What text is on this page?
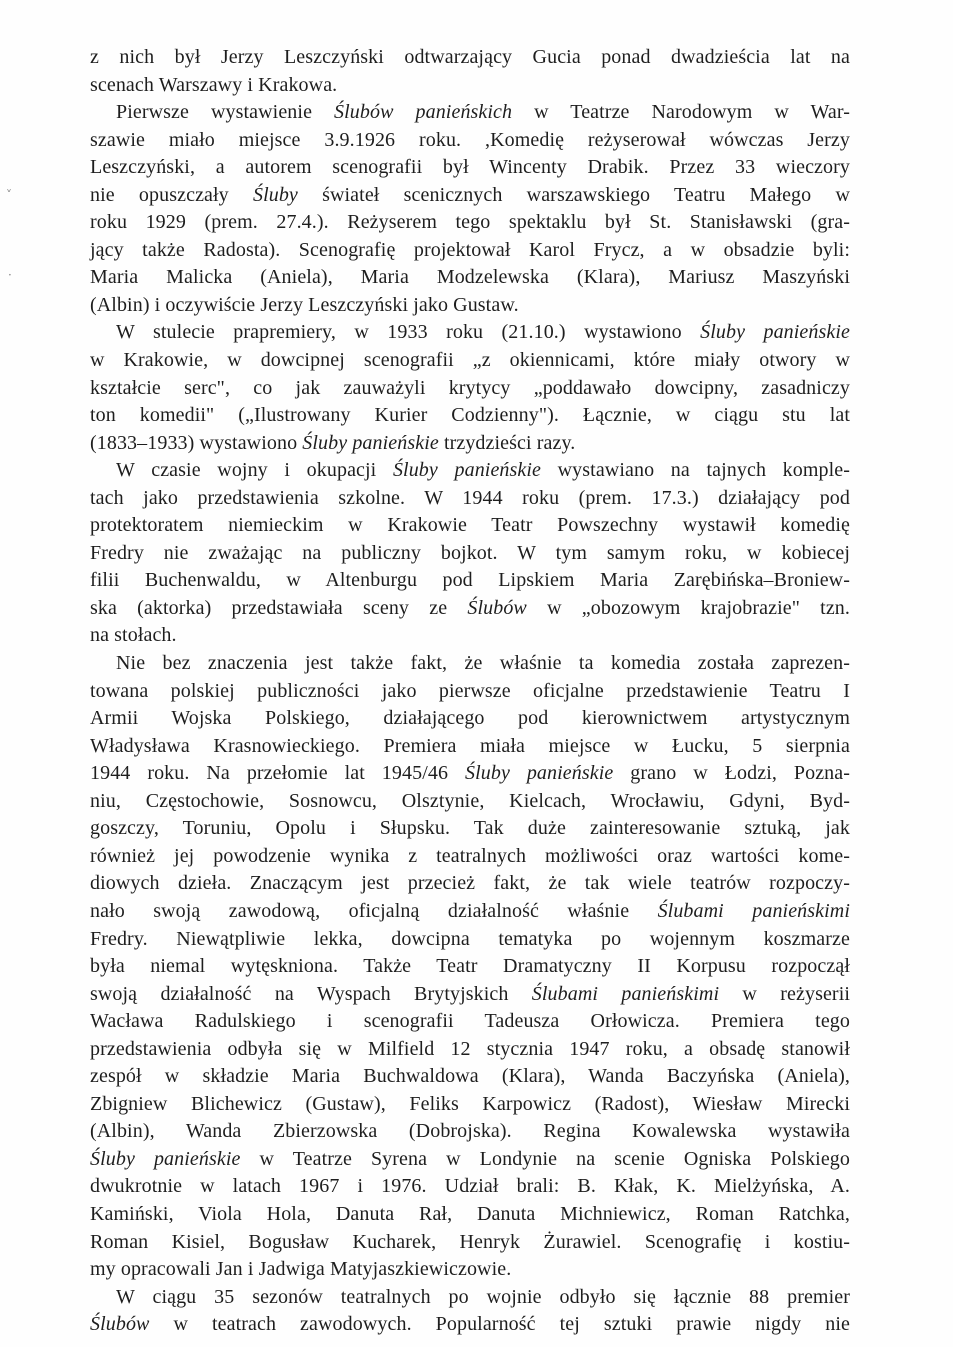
˅
·
z nich był Jerzy Leszczyński odtwarzający Gucia ponad dwadzieścia lat na
scenach Warszawy i Krakowa.
Pierwsze wystawienie Ślubów panieńskich w Teatrze Narodowym w War-
szawie miało miejsce 3.9.1926 roku. ,Komedię reżyserował wówczas Jerzy
Leszczyński, a autorem scenografii był Wincenty Drabik. Przez 33 wieczory
nie opuszczały Śluby świateł scenicznych warszawskiego Teatru Małego w
roku 1929 (prem. 27.4.). Reżyserem tego spektaklu był St. Stanisławski (gra-
jący także Radosta). Scenografię projektował Karol Frycz, a w obsadzie byli:
Maria Malicka (Aniela), Maria Modzelewska (Klara), Mariusz Maszyński
(Albin) i oczywiście Jerzy Leszczyński jako Gustaw.
W stulecie prapremiery, w 1933 roku (21.10.) wystawiono Śluby panieńskie
w Krakowie, w dowcipnej scenografii „z okiennicami, które miały otwory w
kształcie serc", co jak zauważyli krytycy „poddawało dowcipny, zasadniczy
ton komedii" („Ilustrowany Kurier Codzienny"). Łącznie, w ciągu stu lat
(1833–1933) wystawiono Śluby panieńskie trzydzieści razy.
W czasie wojny i okupacji Śluby panieńskie wystawiano na tajnych komple-
tach jako przedstawienia szkolne. W 1944 roku (prem. 17.3.) działający pod
protektoratem niemieckim w Krakowie Teatr Powszechny wystawił komedię
Fredry nie zważając na publiczny bojkot. W tym samym roku, w kobiecej
filii Buchenwaldu, w Altenburgu pod Lipskiem Maria Zarębińska–Broniew-
ska (aktorka) przedstawiała sceny ze Ślubów w „obozowym krajobrazie" tzn.
na stołach.
Nie bez znaczenia jest także fakt, że właśnie ta komedia została zaprezen-
towana polskiej publiczności jako pierwsze oficjalne przedstawienie Teatru I
Armii Wojska Polskiego, działającego pod kierownictwem artystycznym
Władysława Krasnowieckiego. Premiera miała miejsce w Łucku, 5 sierpnia
1944 roku. Na przełomie lat 1945/46 Śluby panieńskie grano w Łodzi, Pozna-
niu, Częstochowie, Sosnowcu, Olsztynie, Kielcach, Wrocławiu, Gdyni, Byd-
goszczy, Toruniu, Opolu i Słupsku. Tak duże zainteresowanie sztuką, jak
również jej powodzenie wynika z teatralnych możliwości oraz wartości kome-
diowych dzieła. Znaczącym jest przecież fakt, że tak wiele teatrów rozpoczy-
nało swoją zawodową, oficjalną działalność właśnie Ślubami panieńskimi
Fredry. Niewątpliwie lekka, dowcipna tematyka po wojennym koszmarze
była niemal wytęskniona. Także Teatr Dramatyczny II Korpusu rozpoczął
swoją działalność na Wyspach Brytyjskich Ślubami panieńskimi w reżyserii
Wacława Radulskiego i scenografii Tadeusza Orłowicza. Premiera tego
przedstawienia odbyła się w Milfield 12 stycznia 1947 roku, a obsadę stanowił
zespół w składzie Maria Buchwaldowa (Klara), Wanda Baczyńska (Aniela),
Zbigniew Blichewicz (Gustaw), Feliks Karpowicz (Radost), Wiesław Mirecki
(Albin), Wanda Zbierzowska (Dobrojska). Regina Kowalewska wystawiła
Śluby panieńskie w Teatrze Syrena w Londynie na scenie Ogniska Polskiego
dwukrotnie w latach 1967 i 1976. Udział brali: B. Kłak, K. Mielżyńska, A.
Kamiński, Viola Hola, Danuta Rał, Danuta Michniewicz, Roman Ratchka,
Roman Kisiel, Bogusław Kucharek, Henryk Żurawiel. Scenografię i kostiu-
my opracowali Jan i Jadwiga Matyjaszkiewiczowie.
W ciągu 35 sezonów teatralnych po wojnie odbyło się łącznie 88 premier
Ślubów w teatrach zawodowych. Popularność tej sztuki prawie nigdy nie
